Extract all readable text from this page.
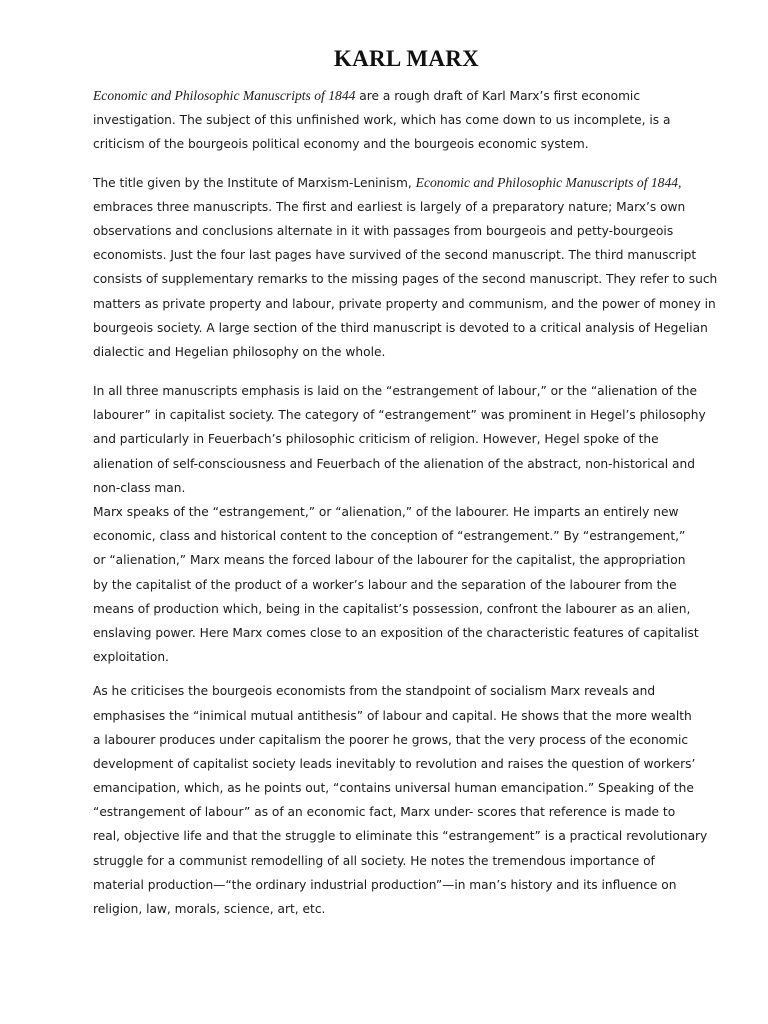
KARL MARX

Economic and Philosophic Manuscripts of 1844 are a rough draft of Karl Marx’s first economic
investigation. The subject of this unfinished work, which has come down to us incomplete, is a
criticism of the bourgeois political economy and the bourgeois economic system.

The title given by the Institute of Marxism-Leninism, Economic and Philosophic Manuscripts of 1844,
embraces three manuscripts. The first and earliest is largely of a preparatory nature; Marx’s own
observations and conclusions alternate in it with passages from bourgeois and petty-bourgeois
economists. Just the four last pages have survived of the second manuscript. The third manuscript
consists of supplementary remarks to the missing pages of the second manuscript. They refer to such
matters as private property and labour, private property and communism, and the power of money in
bourgeois society. A large section of the third manuscript is devoted to a critical analysis of Hegelian
dialectic and Hegelian philosophy on the whole.

In all three manuscripts emphasis is laid on the “estrangement of labour,” or the “alienation of the
labourer” in capitalist society. The category of “estrangement” was prominent in Hegel’s philosophy
and particularly in Feuerbach’s philosophic criticism of religion. However, Hegel spoke of the
alienation of self-consciousness and Feuerbach of the alienation of the abstract, non-historical and
non-class man.

Marx speaks of the “estrangement,” or “alienation,” of the labourer. He imparts an entirely new
economic, class and historical content to the conception of “estrangement.” By “estrangement,”
or “alienation,” Marx means the forced labour of the labourer for the capitalist, the appropriation
by the capitalist of the product of a worker’s labour and the separation of the labourer from the
means of production which, being in the capitalist’s possession, confront the labourer as an alien,
enslaving power. Here Marx comes close to an exposition of the characteristic features of capitalist
exploitation.

As he criticises the bourgeois economists from the standpoint of socialism Marx reveals and
emphasises the “inimical mutual antithesis” of labour and capital. He shows that the more wealth
a labourer produces under capitalism the poorer he grows, that the very process of the economic
development of capitalist society leads inevitably to revolution and raises the question of workers’
emancipation, which, as he points out, “contains universal human emancipation.” Speaking of the
“estrangement of labour” as of an economic fact, Marx under- scores that reference is made to
real, objective life and that the struggle to eliminate this “estrangement” is a practical revolutionary
struggle for a communist remodelling of all society. He notes the tremendous importance of
material production—“the ordinary industrial production”—in man’s history and its influence on
religion, law, morals, science, art, etc.
